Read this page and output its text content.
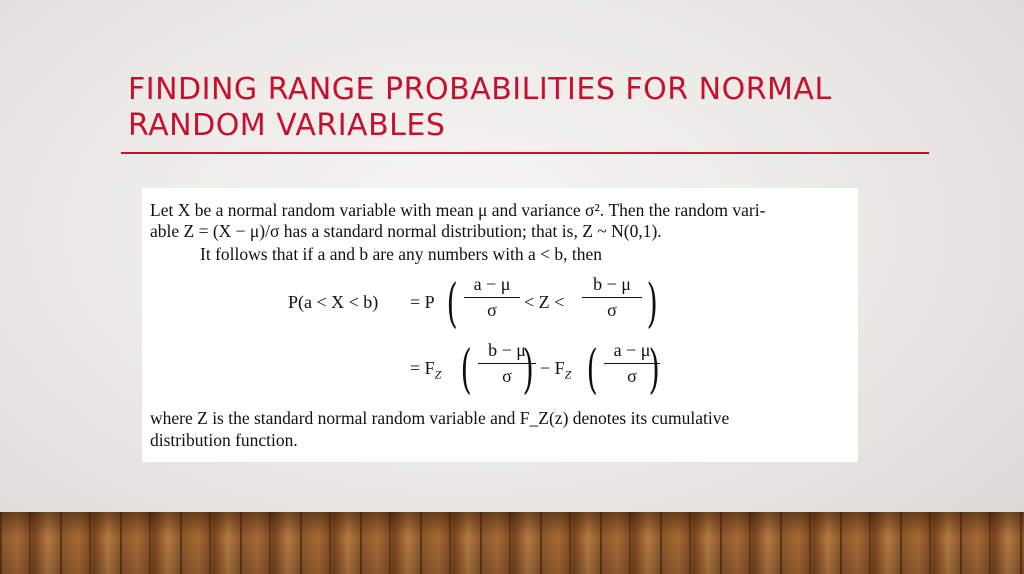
FINDING RANGE PROBABILITIES FOR NORMAL RANDOM VARIABLES
Let X be a normal random variable with mean μ and variance σ². Then the random vari-
able Z = (X − μ)/σ has a standard normal distribution; that is, Z ~ N(0,1).
It follows that if a and b are any numbers with a < b, then
P(a < X < b) = P ( a − μ
σ	< Z <
b − μ
σ )
= $F_Z$ ( b − μ
σ ) − $F_Z$ ( a − μ
σ )
where Z is the standard normal random variable and F_Z(z) denotes its cumulative
distribution function.
